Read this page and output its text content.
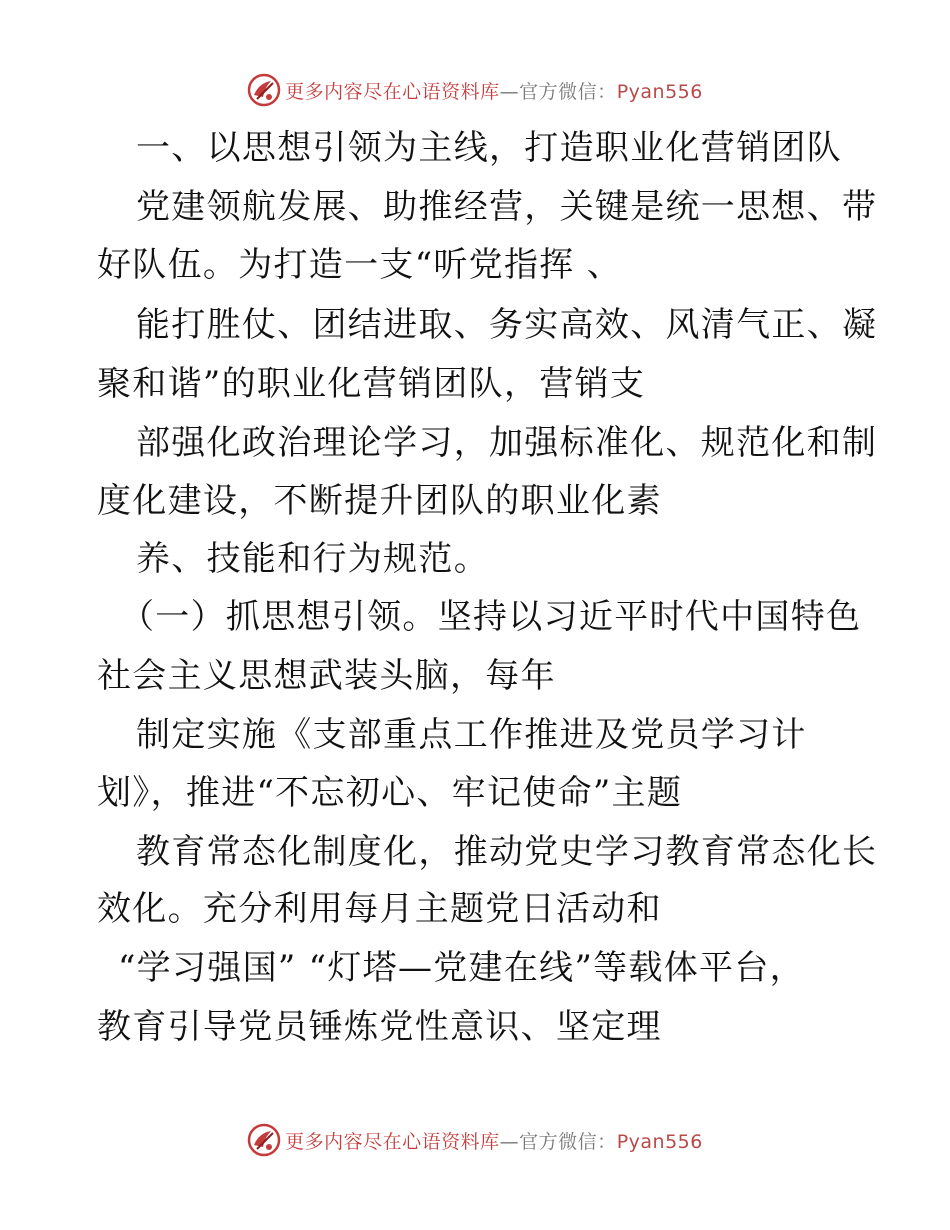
更多内容尽在心语资料库—官方微信：Pyan556
一、以思想引领为主线，打造职业化营销团队
党建领航发展、助推经营，关键是统一思想、带
好队伍。为打造一支“听党指挥 、
能打胜仗、团结进取、务实高效、风清气正、凝
聚和谐”的职业化营销团队，营销支
部强化政治理论学习，加强标准化、规范化和制
度化建设，不断提升团队的职业化素
养、技能和行为规范。
（一）抓思想引领。坚持以习近平时代中国特色
社会主义思想武装头脑，每年
制定实施《支部重点工作推进及党员学习计
划》，推进“不忘初心、牢记使命”主题
教育常态化制度化，推动党史学习教育常态化长
效化。充分利用每月主题党日活动和
“学习强国” “灯塔—党建在线”等载体平台，
教育引导党员锤炼党性意识、坚定理
更多内容尽在心语资料库—官方微信：Pyan556
